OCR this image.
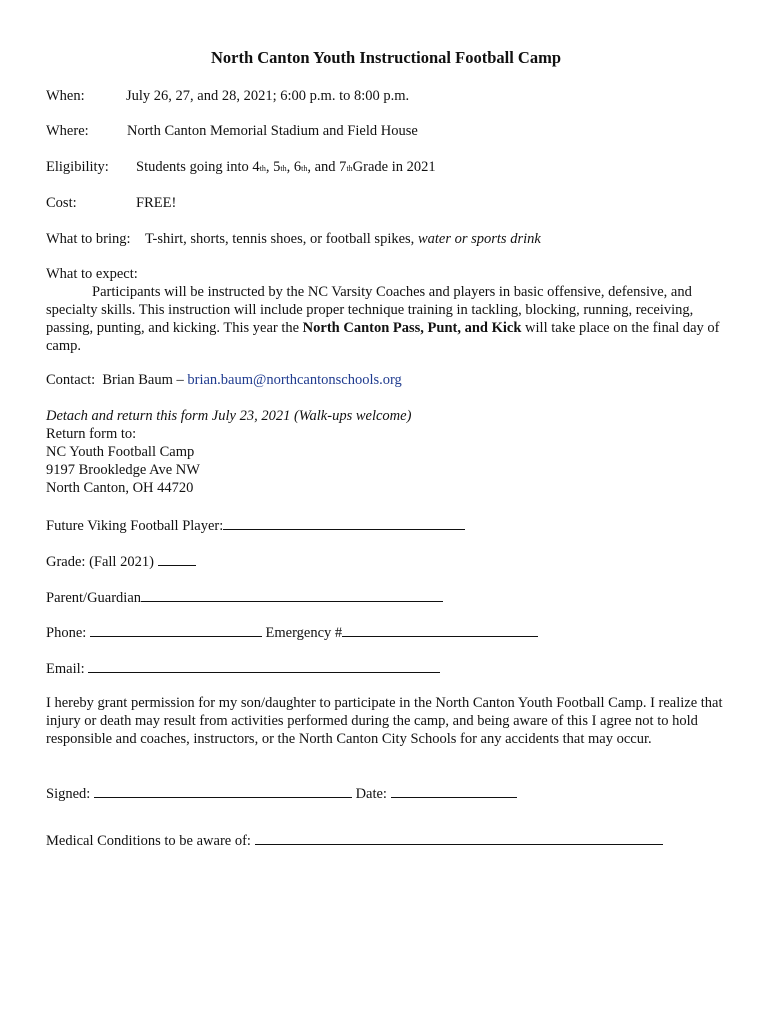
North Canton Youth Instructional Football Camp
When:	July 26, 27, and 28, 2021; 6:00 p.m. to 8:00 p.m.
Where:	North Canton Memorial Stadium and Field House
Eligibility: Students going into 4th, 5th, 6th, and 7thGrade in 2021
Cost:	FREE!
What to bring: T-shirt, shorts, tennis shoes, or football spikes, water or sports drink
What to expect:
Participants will be instructed by the NC Varsity Coaches and players in basic offensive, defensive, and specialty skills. This instruction will include proper technique training in tackling, blocking, running, receiving, passing, punting, and kicking. This year the North Canton Pass, Punt, and Kick will take place on the final day of camp.
Contact: Brian Baum – brian.baum@northcantonschools.org
Detach and return this form July 23, 2021 (Walk-ups welcome)
Return form to:
NC Youth Football Camp
9197 Brookledge Ave NW
North Canton, OH 44720
Future Viking Football Player:
Grade: (Fall 2021)
Parent/Guardian
Phone:	Emergency #
Email:
I hereby grant permission for my son/daughter to participate in the North Canton Youth Football Camp. I realize that injury or death may result from activities performed during the camp, and being aware of this I agree not to hold responsible and coaches, instructors, or the North Canton City Schools for any accidents that may occur.
Signed:	Date:
Medical Conditions to be aware of:
